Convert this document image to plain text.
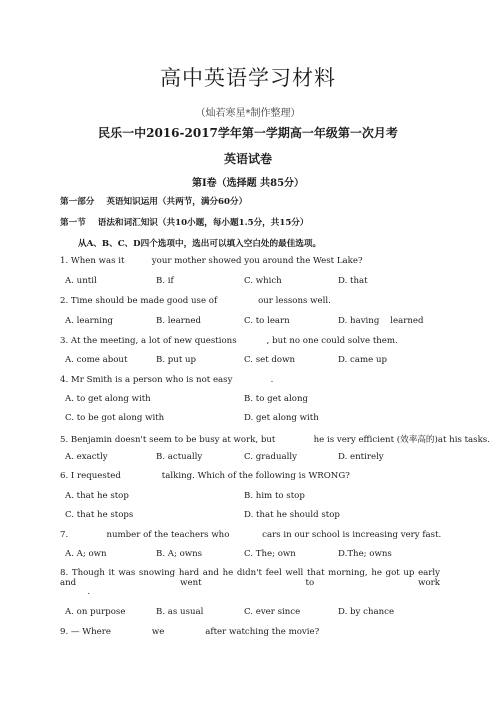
高中英语学习材料
（灿若寒星*制作整理）
民乐一中2016-2017学年第一学期高一年级第一次月考
英语试卷
第Ⅰ卷（选择题 共85分）
第一部分    英语知识运用（共两节，满分60分）
第一节    语法和词汇知识（共10小题，每小题1.5分，共15分）
从A、B、C、D四个选项中，选出可以填入空白处的最佳选项。
1. When was it          your mother showed you around the West Lake?
A. until	B. if	C. which	D. that
2. Time should be made good use of               our lessons well.
A. learning	B. learned	C. to learn	D. having    learned
3. At the meeting, a lot of new questions           , but no one could solve them.
A. come about	B. put up	C. set down	D. came up
4. Mr Smith is a person who is not easy              .
A. to get along with	B. to get along
C. to be got along with	D. get along with
5. Benjamin doesn't seem to be busy at work, but              he is very efficient (效率高的)at his tasks.
A. exactly	B. actually	C. gradually	D. entirely
6. I requested               talking. Which of the following is WRONG?
A. that he stop	B. him to stop
C. that he stops	D. that he should stop
7.              number of the teachers who            cars in our school is increasing very fast.
A. A; own	B. A; owns	C. The; own	D.The; owns
8. Though it was snowing hard and he didn't feel well that morning, he got up early and went to work
.
A. on purpose	B. as usual	C. ever since	D. by chance
9. — Where               we               after watching the movie?
